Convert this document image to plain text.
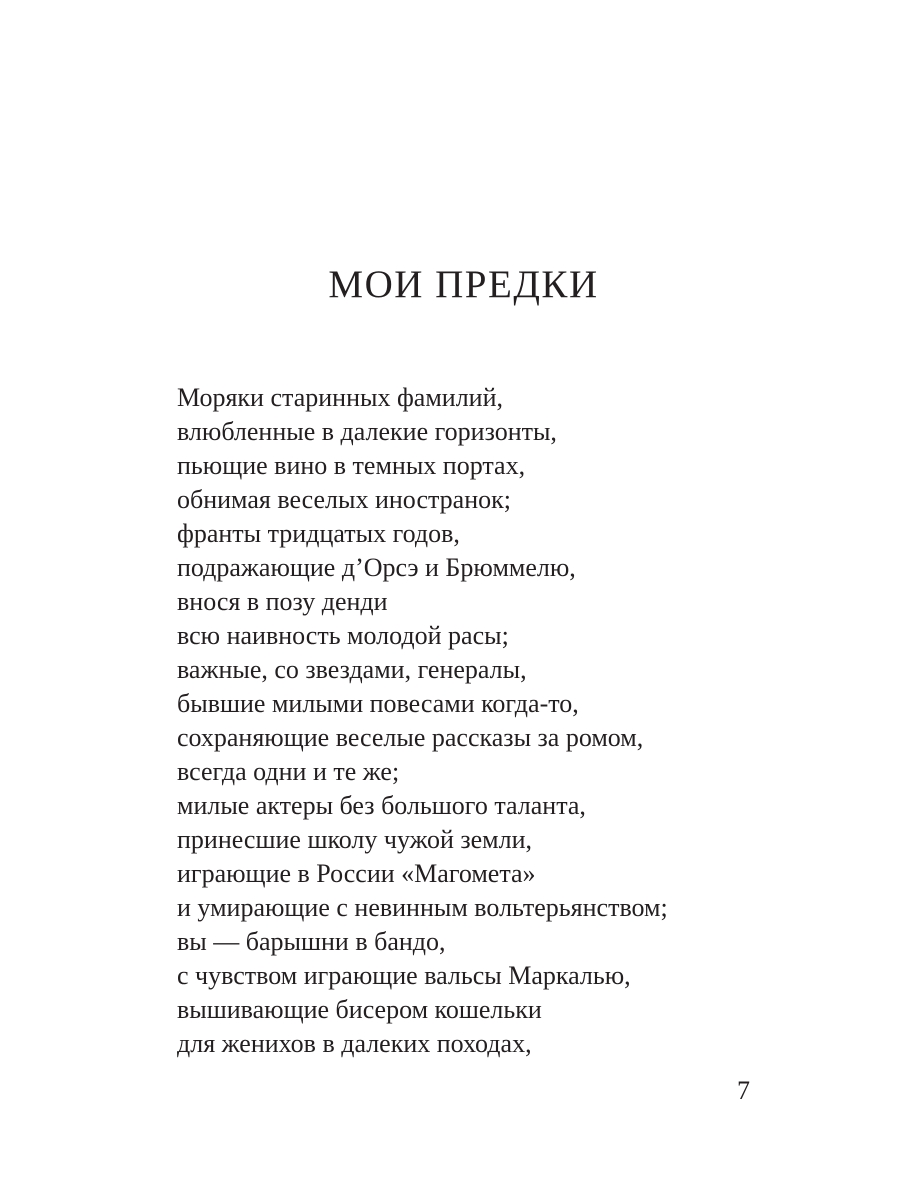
МОИ ПРЕДКИ
Моряки старинных фамилий,
влюбленные в далекие горизонты,
пьющие вино в темных портах,
обнимая веселых иностранок;
франты тридцатых годов,
подражающие д’Орсэ и Брюммелю,
внося в позу денди
всю наивность молодой расы;
важные, со звездами, генералы,
бывшие милыми повесами когда-то,
сохраняющие веселые рассказы за ромом,
всегда одни и те же;
милые актеры без большого таланта,
принесшие школу чужой земли,
играющие в России «Магомета»
и умирающие с невинным вольтерьянством;
вы — барышни в бандо,
с чувством играющие вальсы Маркалью,
вышивающие бисером кошельки
для женихов в далеких походах,
7
